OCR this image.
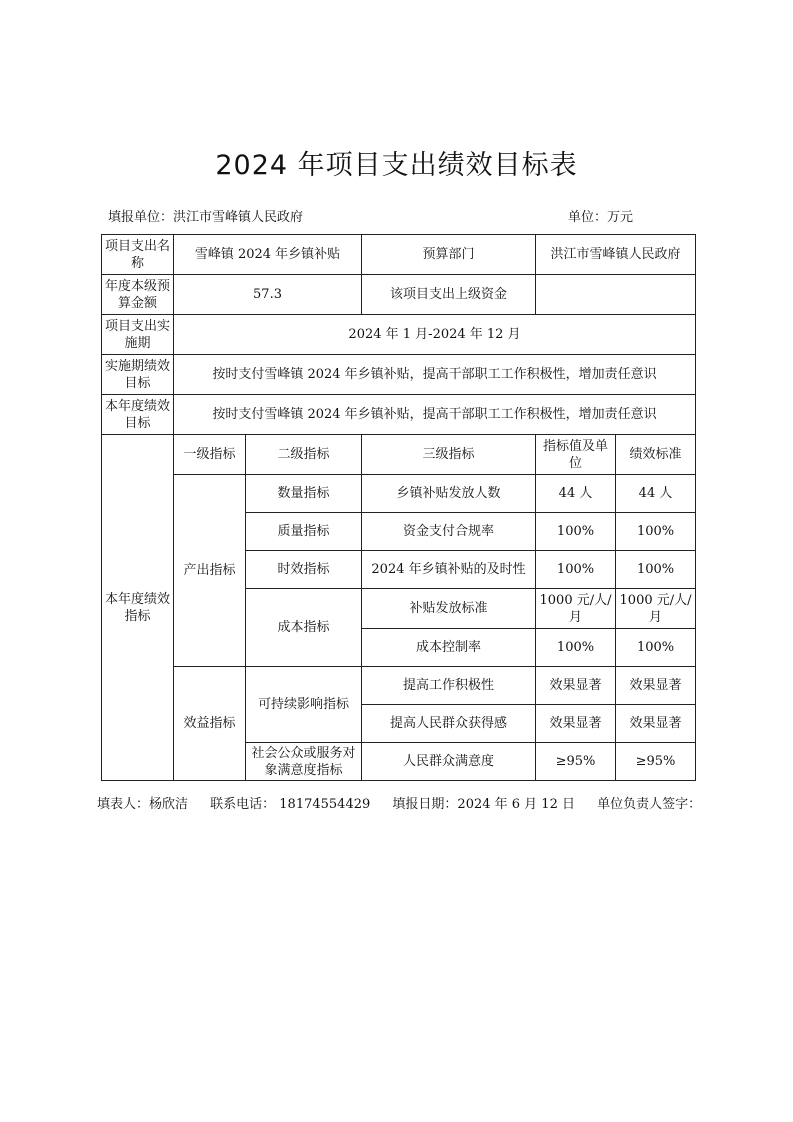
2024 年项目支出绩效目标表
填报单位：洪江市雪峰镇人民政府	单位：万元
项目支出名称	雪峰镇 2024 年乡镇补贴		预算部门	洪江市雪峰镇人民政府	
年度本级预算金额	57.3		该项目支出上级资金		
项目支出实施期	2024 年 1 月-2024 年 12 月				
实施期绩效目标	按时支付雪峰镇 2024 年乡镇补贴，提高干部职工工作积极性，增加责任意识				
本年度绩效目标	按时支付雪峰镇 2024 年乡镇补贴，提高干部职工工作积极性，增加责任意识				
本年度绩效指标	一级指标	二级指标	三级指标	指标值及单位	绩效标准
	产出指标	数量指标	乡镇补贴发放人数	44 人	44 人
		质量指标	资金支付合规率	100%	100%
		时效指标	2024 年乡镇补贴的及时性	100%	100%
		成本指标	补贴发放标准	1000 元/人/月	1000 元/人/月
			成本控制率	100%	100%
	效益指标	可持续影响指标	提高工作积极性	效果显著	效果显著
			提高人民群众获得感	效果显著	效果显著
		社会公众或服务对象满意度指标	人民群众满意度	≥95%	≥95%
填表人：杨欣洁 联系电话： 18174554429 填报日期：2024 年 6 月 12 日 单位负责人签字：
